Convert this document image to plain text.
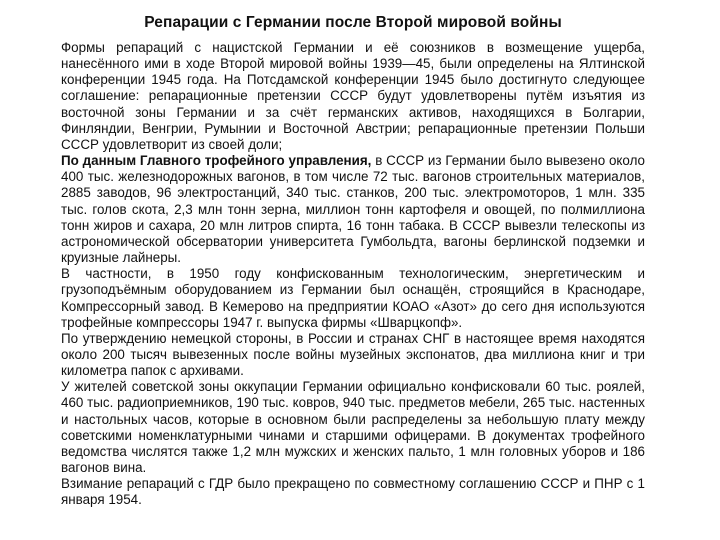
Репарации с Германии после Второй мировой войны

Формы репараций с нацистской Германии и её союзников в возмещение ущерба, нанесённого ими в ходе Второй мировой войны 1939—45, были определены на Ялтинской конференции 1945 года. На Потсдамской конференции 1945 было достигнуто следующее соглашение: репарационные претензии СССР будут удовлетворены путём изъятия из восточной зоны Германии и за счёт германских активов, находящихся в Болгарии, Финляндии, Венгрии, Румынии и Восточной Австрии; репарационные претензии Польши СССР удовлетворит из своей доли;

По данным Главного трофейного управления, в СССР из Германии было вывезено около 400 тыс. железнодорожных вагонов, в том числе 72 тыс. вагонов строительных материалов, 2885 заводов, 96 электростанций, 340 тыс. станков, 200 тыс. электромоторов, 1 млн. 335 тыс. голов скота, 2,3 млн тонн зерна, миллион тонн картофеля и овощей, по полмиллиона тонн жиров и сахара, 20 млн литров спирта, 16 тонн табака. В СССР вывезли телескопы из астрономической обсерватории университета Гумбольдта, вагоны берлинской подземки и круизные лайнеры.

В частности, в 1950 году конфискованным технологическим, энергетическим и грузоподъёмным оборудованием из Германии был оснащён, строящийся в Краснодаре, Компрессорный завод. В Кемерово на предприятии КОАО «Азот» до сего дня используются трофейные компрессоры 1947 г. выпуска фирмы «Шварцкопф».

По утверждению немецкой стороны, в России и странах СНГ в настоящее время находятся около 200 тысяч вывезенных после войны музейных экспонатов, два миллиона книг и три километра папок с архивами.

У жителей советской зоны оккупации Германии официально конфисковали 60 тыс. роялей, 460 тыс. радиоприемников, 190 тыс. ковров, 940 тыс. предметов мебели, 265 тыс. настенных и настольных часов, которые в основном были распределены за небольшую плату между советскими номенклатурными чинами и старшими офицерами. В документах трофейного ведомства числятся также 1,2 млн мужских и женских пальто, 1 млн головных уборов и 186 вагонов вина.

Взимание репараций с ГДР было прекращено по совместному соглашению СССР и ПНР с 1 января 1954.
